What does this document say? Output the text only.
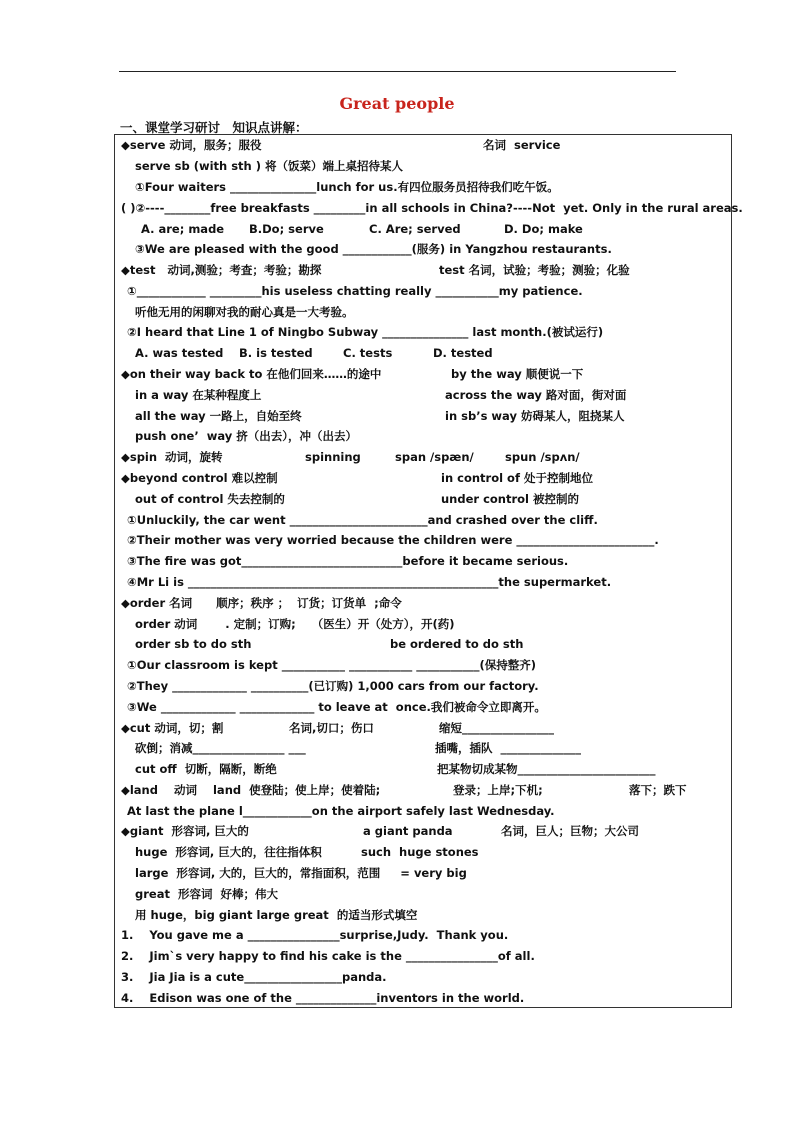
Great people
一、课堂学习研讨　知识点讲解：
◆serve 动词，服务；服役	名词  service
serve sb (with sth ) 将（饭菜）端上桌招待某人
①Four waiters _______________lunch for us.有四位服务员招待我们吃午饭。
( )②----________free breakfasts _________in all schools in China?----Not  yet. Only in the rural areas.
A. are; made B.Do; serve	C. Are; served	D. Do; make
③We are pleased with the good ____________(服务) in Yangzhou restaurants.
◆test   动词,测验；考查；考验；勘探	test 名词，试验；考验；测验；化验
①____________ _________his useless chatting really ___________my patience.
听他无用的闲聊对我的耐心真是一大考验。
②I heard that Line 1 of Ningbo Subway _______________ last month.(被试运行)
A. was tested B. is tested	C. tests	D. tested
◆on their way back to 在他们回来……的途中	by the way 顺便说一下
in a way 在某种程度上	across the way 路对面，街对面
all the way 一路上，自始至终	in sb’s way 妨碍某人，阻挠某人
push one’  way 挤（出去），冲（出去）
◆spin  动词，旋转	spinning	span /spæn/	spun /spʌn/
◆beyond control 难以控制	in control of 处于控制地位
out of control 失去控制的	under control 被控制的
①Unluckily, the car went ________________________and crashed over the cliff.
②Their mother was very worried because the children were ________________________.
③The fire was got____________________________before it became serious.
④Mr Li is ______________________________________________________the supermarket.
◆order 名词      顺序；秩序 ；  订货；订货单  ;命令
order 动词       . 定制；订购;    （医生）开（处方），开(药)
order sb to do sth	be ordered to do sth
①Our classroom is kept ___________ ___________ ___________(保持整齐)
②They _____________ __________(已订购) 1,000 cars from our factory.
③We _____________ _____________ to leave at  once.我们被命令立即离开。
◆cut 动词，切；割	名词,切口；伤口	缩短________________
砍倒；消减________________ ___	插嘴，插队  ______________
cut off  切断，隔断，断绝	把某物切成某物________________________
◆land    动词    land  使登陆；使上岸；使着陆;	登录；上岸;下机;	落下；跌下
At last the plane l____________on the airport safely last Wednesday.
◆giant  形容词, 巨大的	a giant panda	名词，巨人；巨物；大公司
huge  形容词, 巨大的，往往指体积	such  huge stones
large  形容词, 大的，巨大的，常指面积，范围     = very big
great  形容词  好棒；伟大
用 huge，big giant large great  的适当形式填空
1.    You gave me a ________________surprise,Judy.  Thank you.
2.    Jim`s very happy to find his cake is the ________________of all.
3.    Jia Jia is a cute_________________panda.
4.    Edison was one of the ______________inventors in the world.
